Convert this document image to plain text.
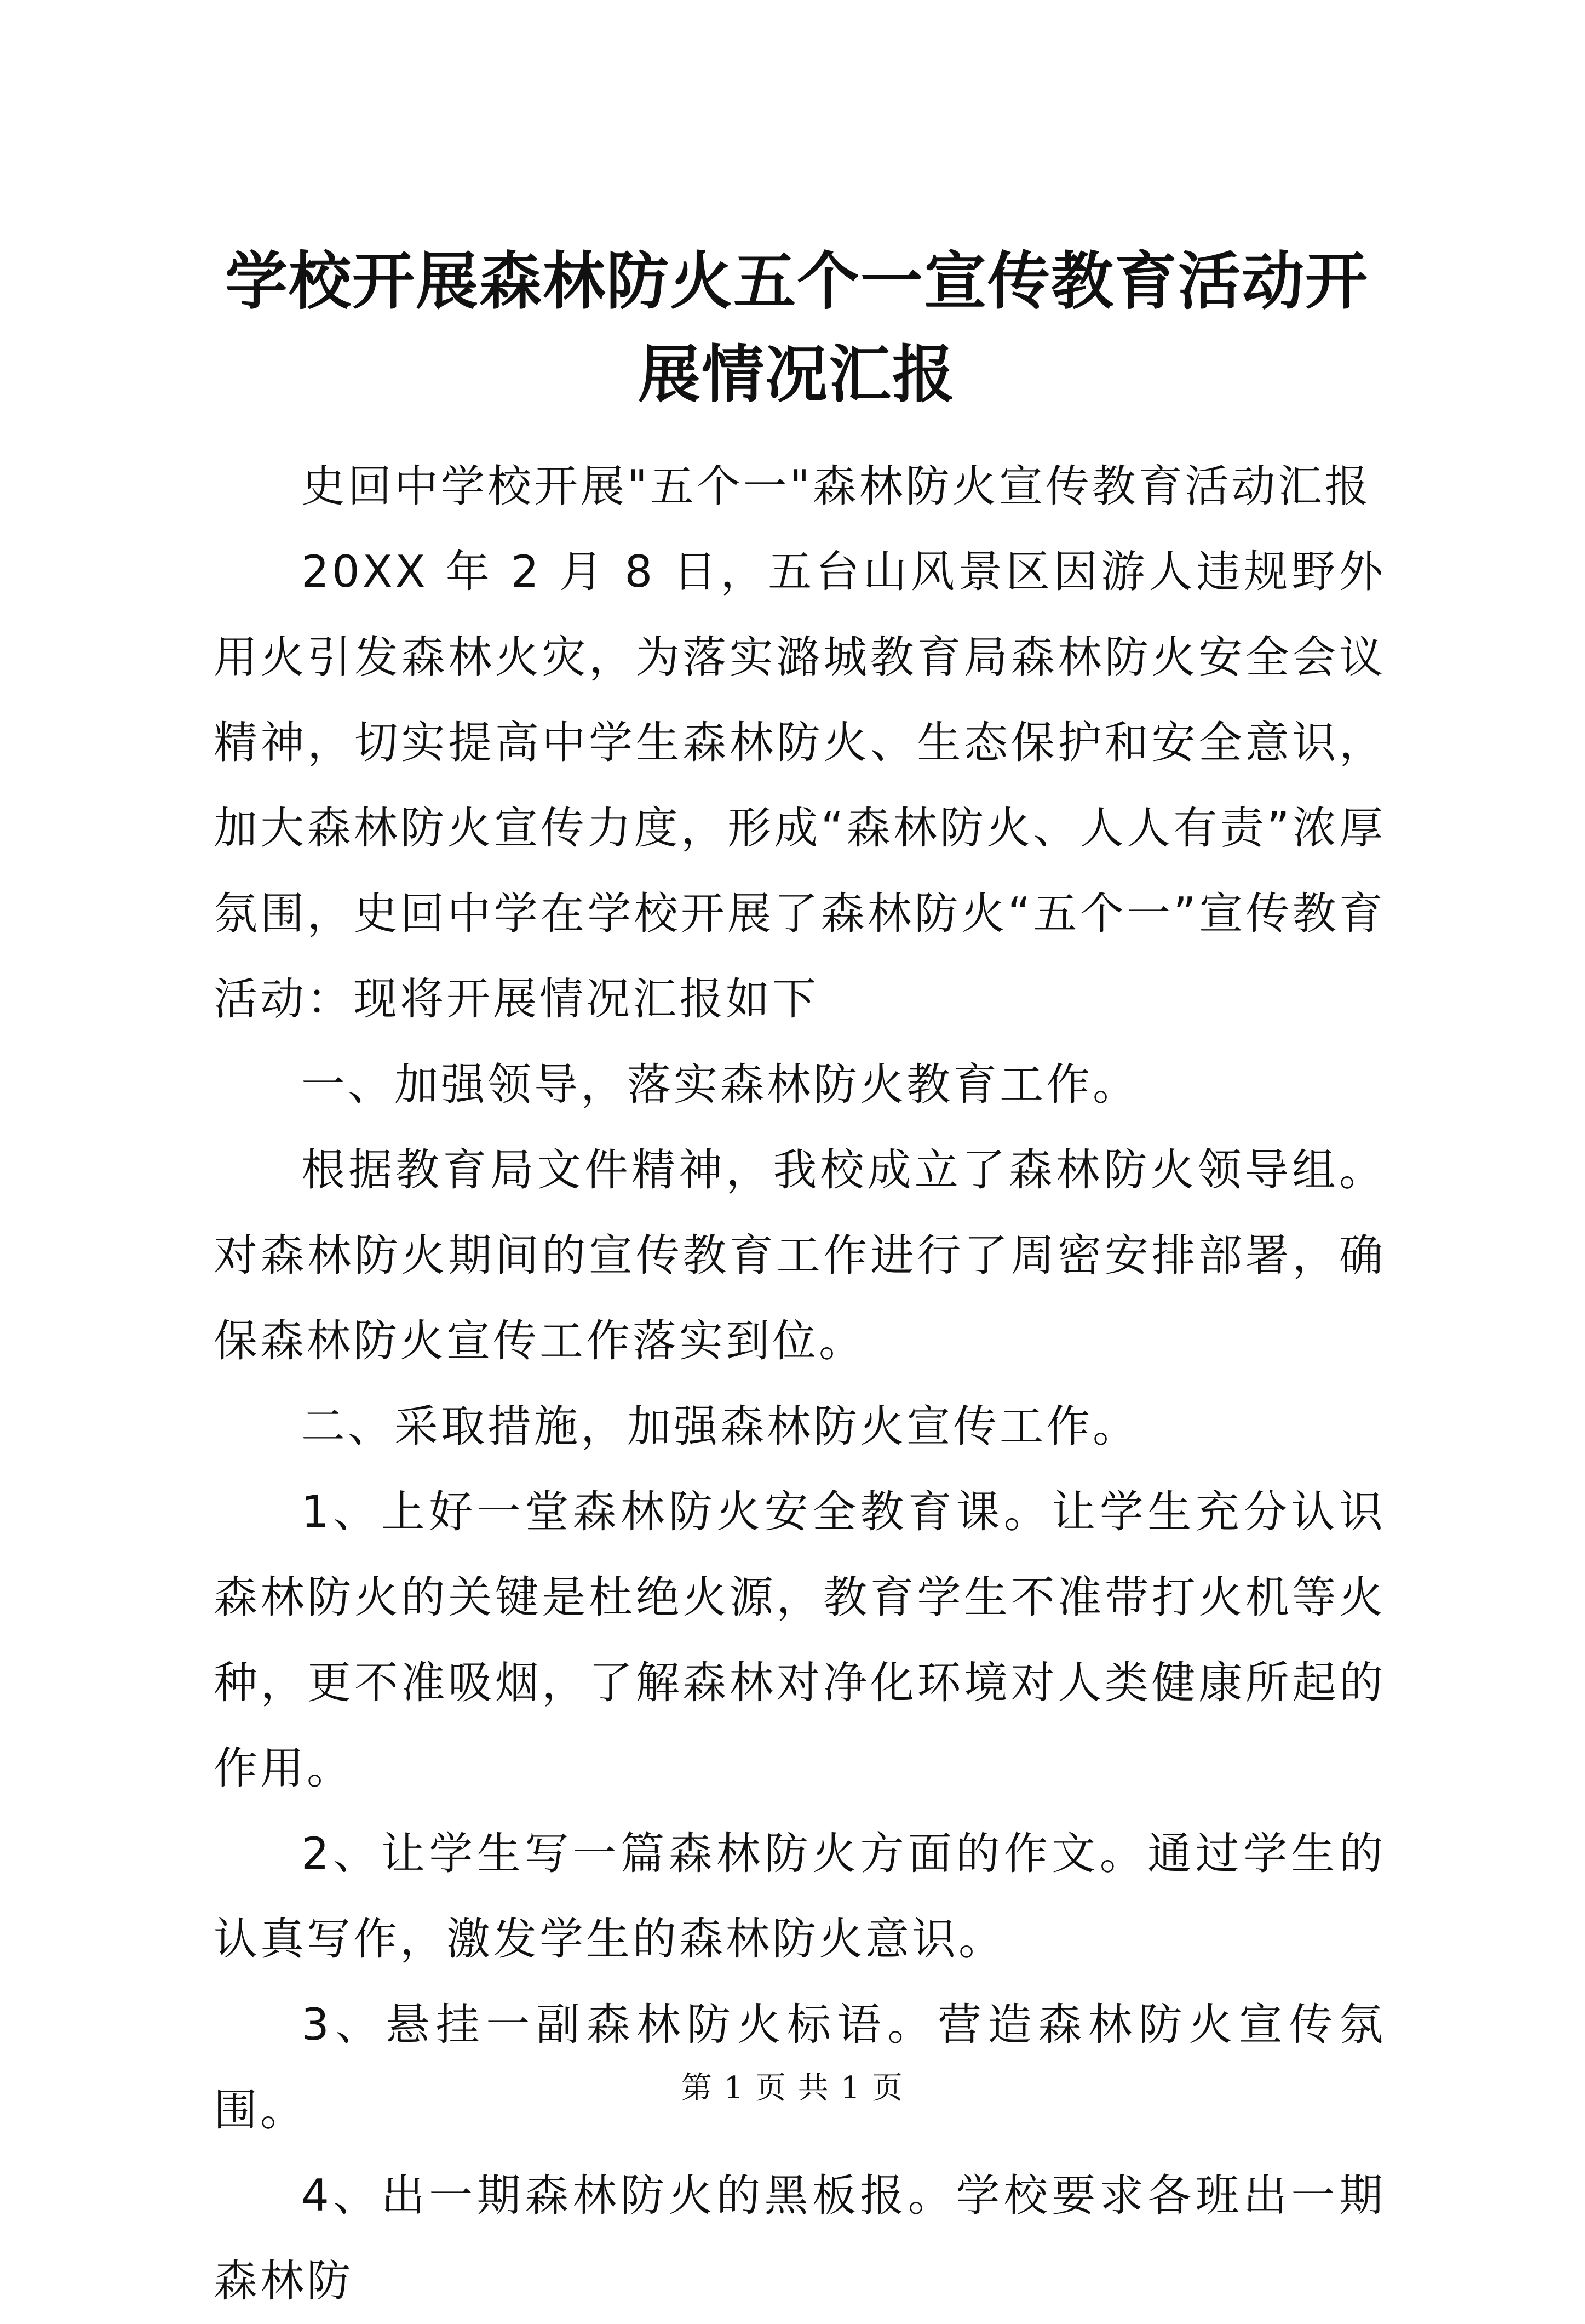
学校开展森林防火五个一宣传教育活动开展情况汇报

史回中学校开展"五个一"森林防火宣传教育活动汇报

20XX 年 2 月 8 日，五台山风景区因游人违规野外用火引发森林火灾，为落实潞城教育局森林防火安全会议精神，切实提高中学生森林防火、生态保护和安全意识，加大森林防火宣传力度，形成“森林防火、人人有责”浓厚氛围，史回中学在学校开展了森林防火“五个一”宣传教育活动：现将开展情况汇报如下

一、加强领导，落实森林防火教育工作。

根据教育局文件精神，我校成立了森林防火领导组。对森林防火期间的宣传教育工作进行了周密安排部署，确保森林防火宣传工作落实到位。

二、采取措施，加强森林防火宣传工作。

1、上好一堂森林防火安全教育课。让学生充分认识森林防火的关键是杜绝火源，教育学生不准带打火机等火种，更不准吸烟，了解森林对净化环境对人类健康所起的作用。

2、让学生写一篇森林防火方面的作文。通过学生的认真写作，激发学生的森林防火意识。

3、悬挂一副森林防火标语。营造森林防火宣传氛围。

4、出一期森林防火的黑板报。学校要求各班出一期森林防

第 1 页 共 1 页
